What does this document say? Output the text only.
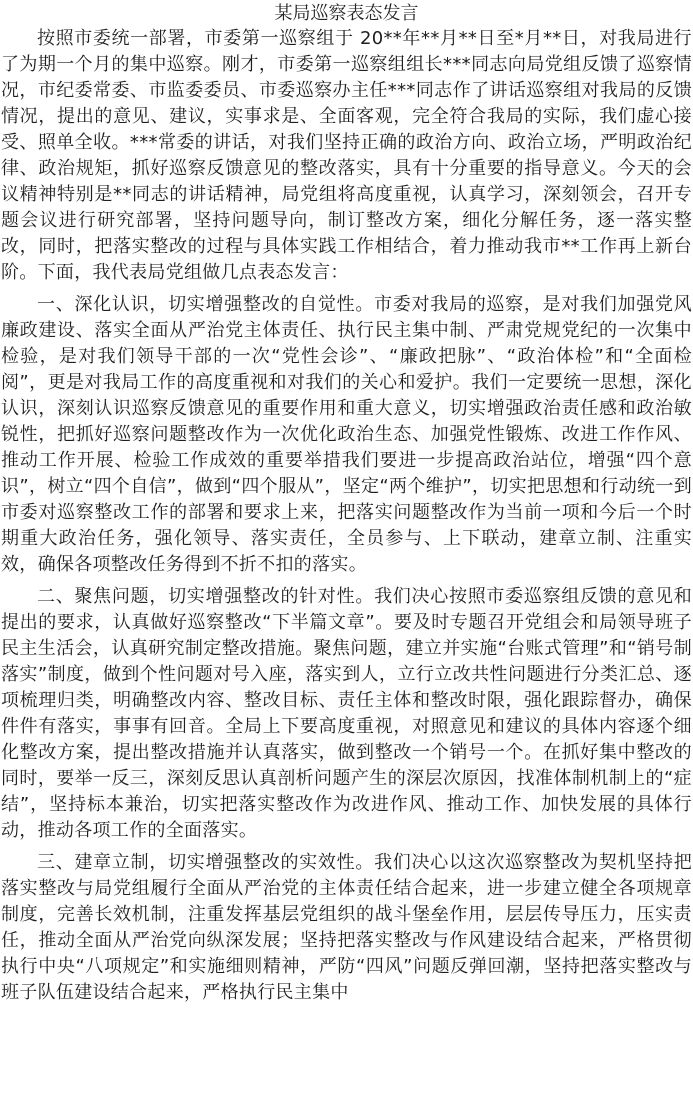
某局巡察表态发言

按照市委统一部署，市委第一巡察组于 20**年**月**日至*月**日，对我局进行了为期一个月的集中巡察。刚才，市委第一巡察组组长***同志向局党组反馈了巡察情况，市纪委常委、市监委委员、市委巡察办主任***同志作了讲话巡察组对我局的反馈情况，提出的意见、建议，实事求是、全面客观，完全符合我局的实际，我们虚心接受、照单全收。***常委的讲话，对我们坚持正确的政治方向、政治立场，严明政治纪律、政治规矩，抓好巡察反馈意见的整改落实，具有十分重要的指导意义。今天的会议精神特别是**同志的讲话精神，局党组将高度重视，认真学习，深刻领会，召开专题会议进行研究部署，坚持问题导向，制订整改方案，细化分解任务，逐一落实整改，同时，把落实整改的过程与具体实践工作相结合，着力推动我市**工作再上新台阶。下面，我代表局党组做几点表态发言：

一、深化认识，切实增强整改的自觉性。市委对我局的巡察，是对我们加强党风廉政建设、落实全面从严治党主体责任、执行民主集中制、严肃党规党纪的一次集中检验，是对我们领导干部的一次“党性会诊”、“廉政把脉”、“政治体检”和“全面检阅”，更是对我局工作的高度重视和对我们的关心和爱护。我们一定要统一思想，深化认识，深刻认识巡察反馈意见的重要作用和重大意义，切实增强政治责任感和政治敏锐性，把抓好巡察问题整改作为一次优化政治生态、加强党性锻炼、改进工作作风、推动工作开展、检验工作成效的重要举措我们要进一步提高政治站位，增强“四个意识”，树立“四个自信”，做到“四个服从”，坚定“两个维护”，切实把思想和行动统一到市委对巡察整改工作的部署和要求上来，把落实问题整改作为当前一项和今后一个时期重大政治任务，强化领导、落实责任，全员参与、上下联动，建章立制、注重实效，确保各项整改任务得到不折不扣的落实。

二、聚焦问题，切实增强整改的针对性。我们决心按照市委巡察组反馈的意见和提出的要求，认真做好巡察整改“下半篇文章”。要及时专题召开党组会和局领导班子民主生活会，认真研究制定整改措施。聚焦问题，建立并实施“台账式管理”和“销号制落实”制度，做到个性问题对号入座，落实到人，立行立改共性问题进行分类汇总、逐项梳理归类，明确整改内容、整改目标、责任主体和整改时限，强化跟踪督办，确保件件有落实，事事有回音。全局上下要高度重视，对照意见和建议的具体内容逐个细化整改方案，提出整改措施并认真落实，做到整改一个销号一个。在抓好集中整改的同时，要举一反三，深刻反思认真剖析问题产生的深层次原因，找准体制机制上的“症结”，坚持标本兼治，切实把落实整改作为改进作风、推动工作、加快发展的具体行动，推动各项工作的全面落实。

三、建章立制，切实增强整改的实效性。我们决心以这次巡察整改为契机坚持把落实整改与局党组履行全面从严治党的主体责任结合起来，进一步建立健全各项规章制度，完善长效机制，注重发挥基层党组织的战斗堡垒作用，层层传导压力，压实责任，推动全面从严治党向纵深发展；坚持把落实整改与作风建设结合起来，严格贯彻执行中央“八项规定”和实施细则精神，严防“四风”问题反弹回潮，坚持把落实整改与班子队伍建设结合起来，严格执行民主集中
